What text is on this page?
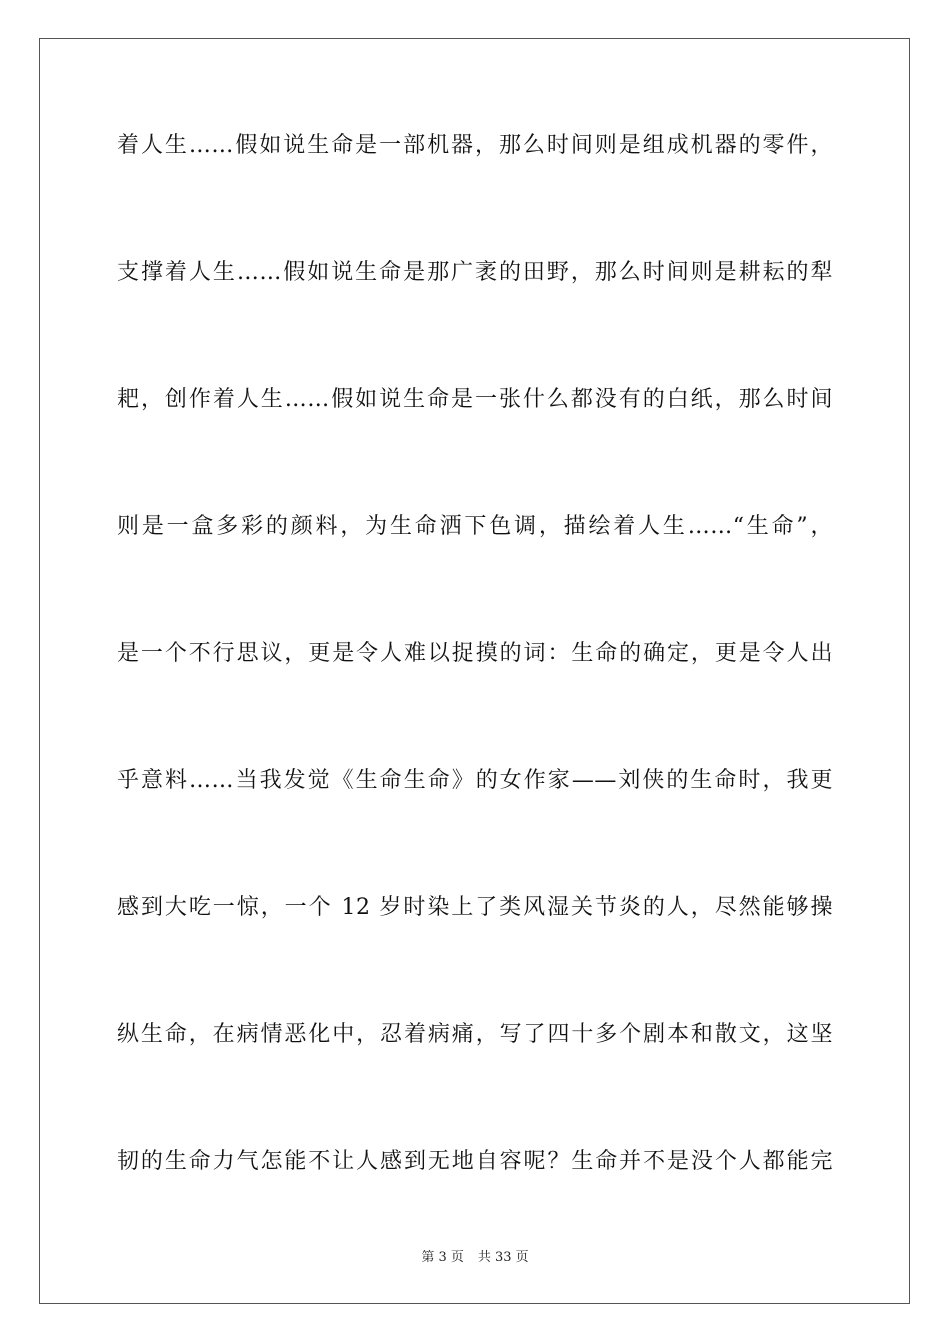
着人生……假如说生命是一部机器，那么时间则是组成机器的零件，
支撑着人生……假如说生命是那广袤的田野，那么时间则是耕耘的犁
耙，创作着人生……假如说生命是一张什么都没有的白纸，那么时间
则是一盒多彩的颜料，为生命洒下色调，描绘着人生……“生命”，
是一个不行思议，更是令人难以捉摸的词：生命的确定，更是令人出
乎意料……当我发觉《生命生命》的女作家——刘侠的生命时，我更
感到大吃一惊，一个 12 岁时染上了类风湿关节炎的人，尽然能够操
纵生命，在病情恶化中，忍着病痛，写了四十多个剧本和散文，这坚
韧的生命力气怎能不让人感到无地自容呢？生命并不是没个人都能完
第 3 页 共 33 页
